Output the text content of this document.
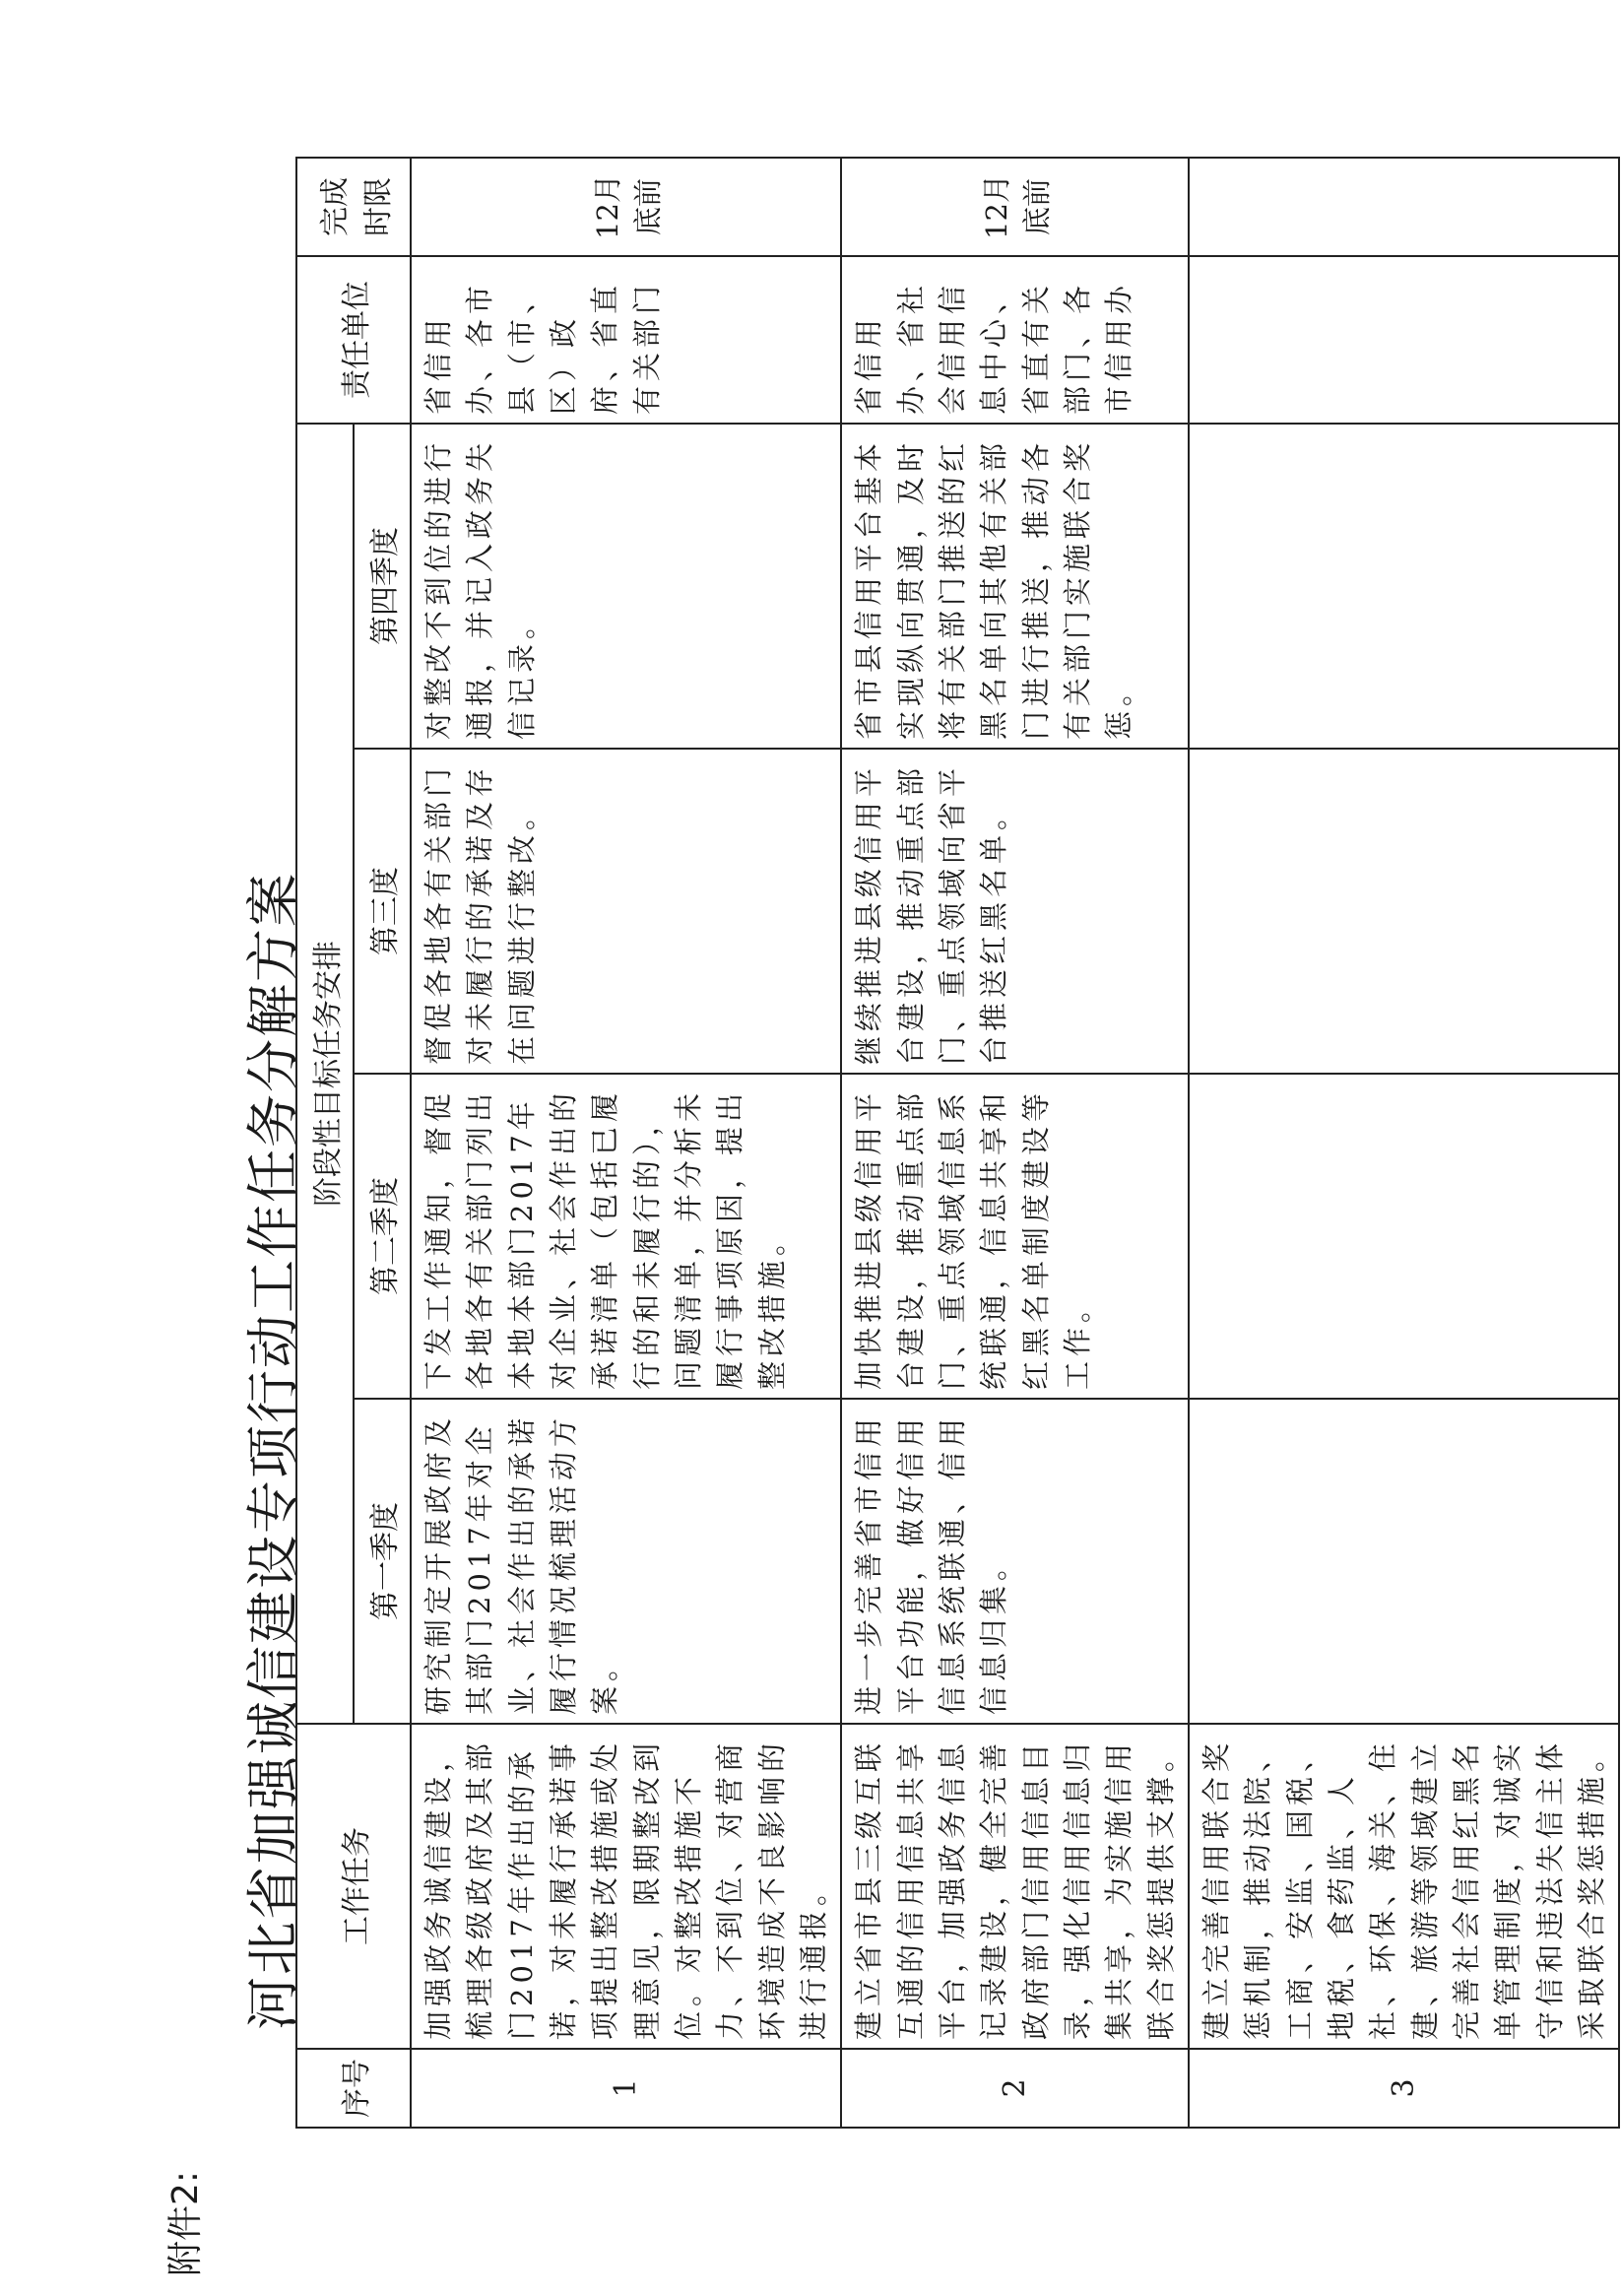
附件2:
河北省加强诚信建设专项行动工作任务分解方案
序号	工作任务	阶段性目标任务安排				责任单位	完成时限
		第一季度	第二季度	第三度	第四季度		
1	加强政务诚信建设，梳理各级政府及其部门2017年作出的承诺，对未履行承诺事项提出整改措施或处理意见，限期整改到位。对整改措施不力、不到位、对营商环境造成不良影响的进行通报。	研究制定开展政府及其部门2017年对企业、社会作出的承诺履行情况梳理活动方案。	下发工作通知，督促各地各有关部门列出本地本部门2017年对企业、社会作出的承诺清单（包括已履行的和未履行的），问题清单，并分析未履行事项原因，提出整改措施。	督促各地各有关部门对未履行的承诺及存在问题进行整改。	对整改不到位的进行通报，并记入政务失信记录。	省信用办、各市县（市、区）政府、省直有关部门	12月底前
2	建立省市县三级互联互通的信用信息共享平台，加强政务信息记录建设，健全完善政府部门信用信息目录，强化信用信息归集共享，为实施信用联合奖惩提供支撑。	进一步完善省市信用平台功能，做好信用信息系统联通、信用信息归集。	加快推进县级信用平台建设，推动重点部门、重点领域信息系统联通，信息共享和红黑名单制度建设等工作。	继续推进县级信用平台建设，推动重点部门、重点领域向省平台推送红黑名单。	省市县信用平台基本实现纵向贯通，及时将有关部门推送的红黑名单向其他有关部门进行推送，推动各有关部门实施联合奖惩。	省信用办、省社会信用信息中心、省直有关部门、各市信用办	12月底前
3	建立完善信用联合奖惩机制，推动法院、工商、安监、国税、地税、食药监、人社、环保、海关、住建、旅游等领域建立完善社会信用红黑名单管理制度，对诚实守信和违法失信主体采取联合奖惩措施。						
